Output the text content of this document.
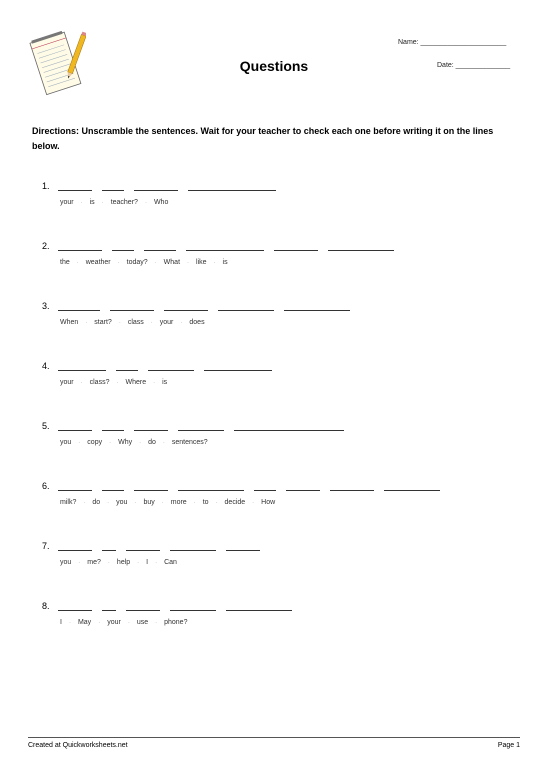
Name: ______________________
Date: ______________
Questions
Directions: Unscramble the sentences. Wait for your teacher to check each one before writing it on the lines below.
1.
your · is · teacher? · Who
2.
the · weather · today? · What · like · is
3.
When · start? · class · your · does
4.
your · class? · Where · is
5.
you · copy · Why · do · sentences?
6.
milk? · do · you · buy · more · to · decide · How
7.
you · me? · help · I · Can
8.
I · May · your · use · phone?
Created at Quickworksheets.net	Page 1
